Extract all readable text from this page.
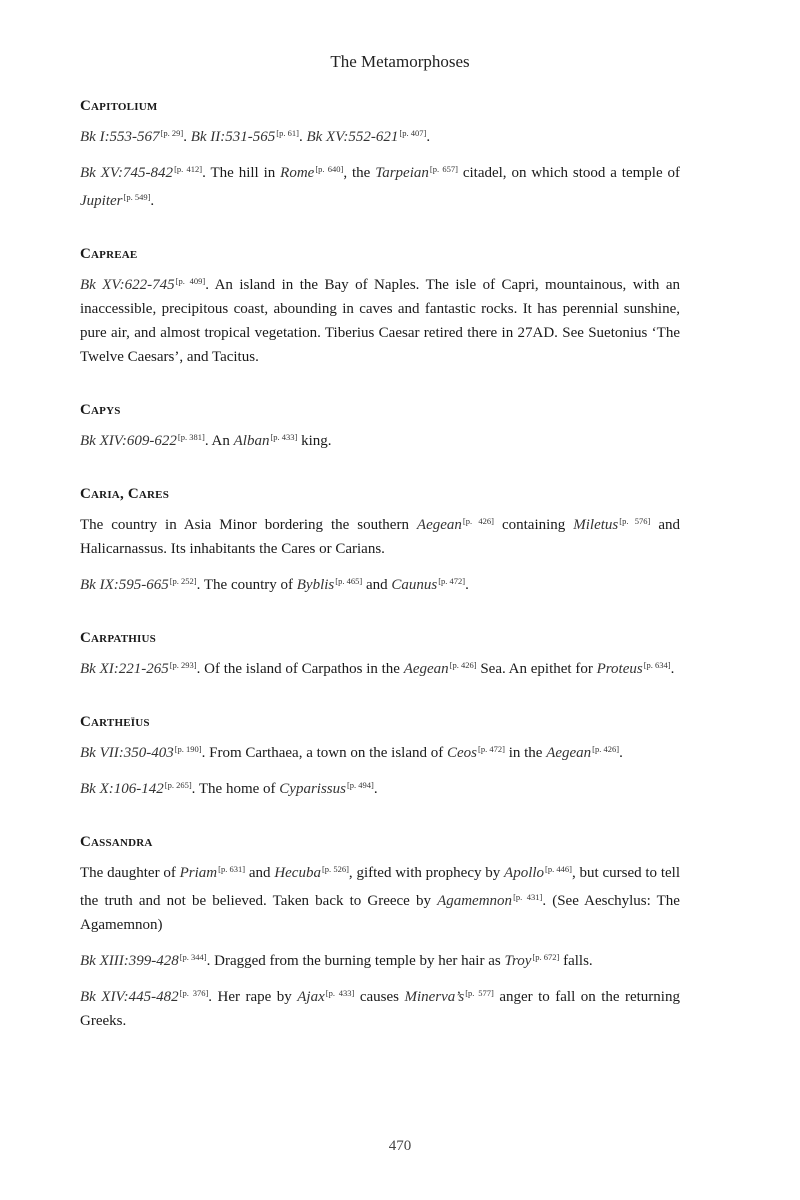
The Metamorphoses
Capitolium

Bk I:553-567[p. 29]. Bk II:531-565[p. 61]. Bk XV:552-621[p. 407].

Bk XV:745-842[p. 412]. The hill in Rome[p. 640], the Tarpeian[p. 657] citadel, on which stood a temple of Jupiter[p. 549].

Capreae

Bk XV:622-745[p. 409]. An island in the Bay of Naples. The isle of Capri, mountainous, with an inaccessible, precipitous coast, abounding in caves and fantastic rocks. It has perennial sunshine, pure air, and almost tropical vegetation. Tiberius Caesar retired there in 27AD. See Suetonius ‘The Twelve Caesars’, and Tacitus.

Capys

Bk XIV:609-622[p. 381]. An Alban[p. 433] king.

Caria, Cares

The country in Asia Minor bordering the southern Aegean[p. 426] containing Miletus[p. 576] and Halicarnassus. Its inhabitants the Cares or Carians.

Bk IX:595-665[p. 252]. The country of Byblis[p. 465] and Caunus[p. 472].

Carpathius

Bk XI:221-265[p. 293]. Of the island of Carpathos in the Aegean[p. 426] Sea. An epithet for Proteus[p. 634].

Cartheïus

Bk VII:350-403[p. 190]. From Carthaea, a town on the island of Ceos[p. 472] in the Aegean[p. 426].

Bk X:106-142[p. 265]. The home of Cyparissus[p. 494].

Cassandra

The daughter of Priam[p. 631] and Hecuba[p. 526], gifted with prophecy by Apollo[p. 446], but cursed to tell the truth and not be believed. Taken back to Greece by Agamemnon[p. 431]. (See Aeschylus: The Agamemnon)

Bk XIII:399-428[p. 344]. Dragged from the burning temple by her hair as Troy[p. 672] falls.

Bk XIV:445-482[p. 376]. Her rape by Ajax[p. 433] causes Minerva’s[p. 577] anger to fall on the returning Greeks.

470
